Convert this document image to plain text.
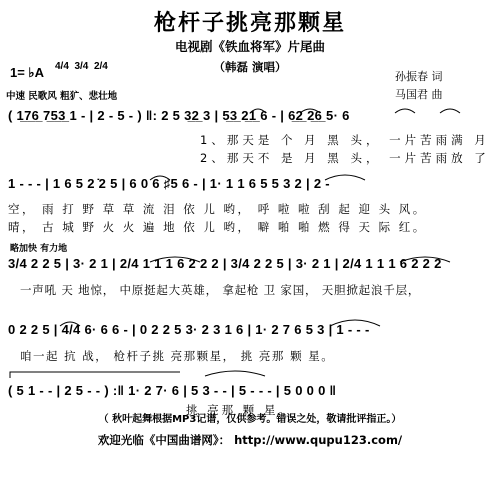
枪杆子挑亮那颗星
电视剧《铁血将军》片尾曲
（韩磊 演唱）
孙振春 词
马国君 曲
1= ♭A 4/4 3/4 2/4
中速 民歌风 粗犷、悲壮地
( 1̲7̲6̲ 7̲5̲3̲ 1 - | 2 - 5 - ) ‖: 2 5 3̲2̲ 3 | 5̲3̲ 2̲1̲ 6 - | 6̲2̲ 2̲6̲ 5· 6
1、那天是 个 月 黑 头， 一片苦雨满 月
2、那天不 是 月 黑 头， 一片苦雨放 了
1 - - - | 1 6 5 2 ̇2 5 | 6 0 6 ♯5 6 - | 1· 1 1 6 5 5 3 2 | 2 -
空， 雨 打 野 草 草 流 泪 依 儿 哟， 呼 啦 啦 刮 起 迎 头 风。
晴， 古 城 野 火 火 遍 地 依 儿 哟， 噼 啪 啪 燃 得 天 际 红。
略加快 有力地
3/4 2 2 5 | 3· 2 1 | 2/4 1 1 1 6 2 2 2 | 3/4 2 2 5 | 3· 2 1 | 2/4 1 1 1 6 2 2 2
一声吼 天 地惊， 中原挺起大英雄， 拿起枪 卫 家国， 天胆掀起浪千层，
0 2 2 5 | 4/4 6· 6 6 - | 0 2 2 5 3· 2 3 1 6 | 1· 2 7 6 5 3 | 1 - - -
咱一起 抗 战， 枪杆子挑 亮那颗星， 挑 亮那 颗 星。
( 5 1 - - | 2 5 - - ) :‖ 1· 2 7· 6 | 5 3 - - | 5 - - - | 5 0 0 0 ‖
挑 亮那 颗 星。
（ 秋叶起舞根据MP3记谱，仅供参考。错误之处，敬请批评指正。）
欢迎光临《中国曲谱网》： http://www.qupu123.com/
